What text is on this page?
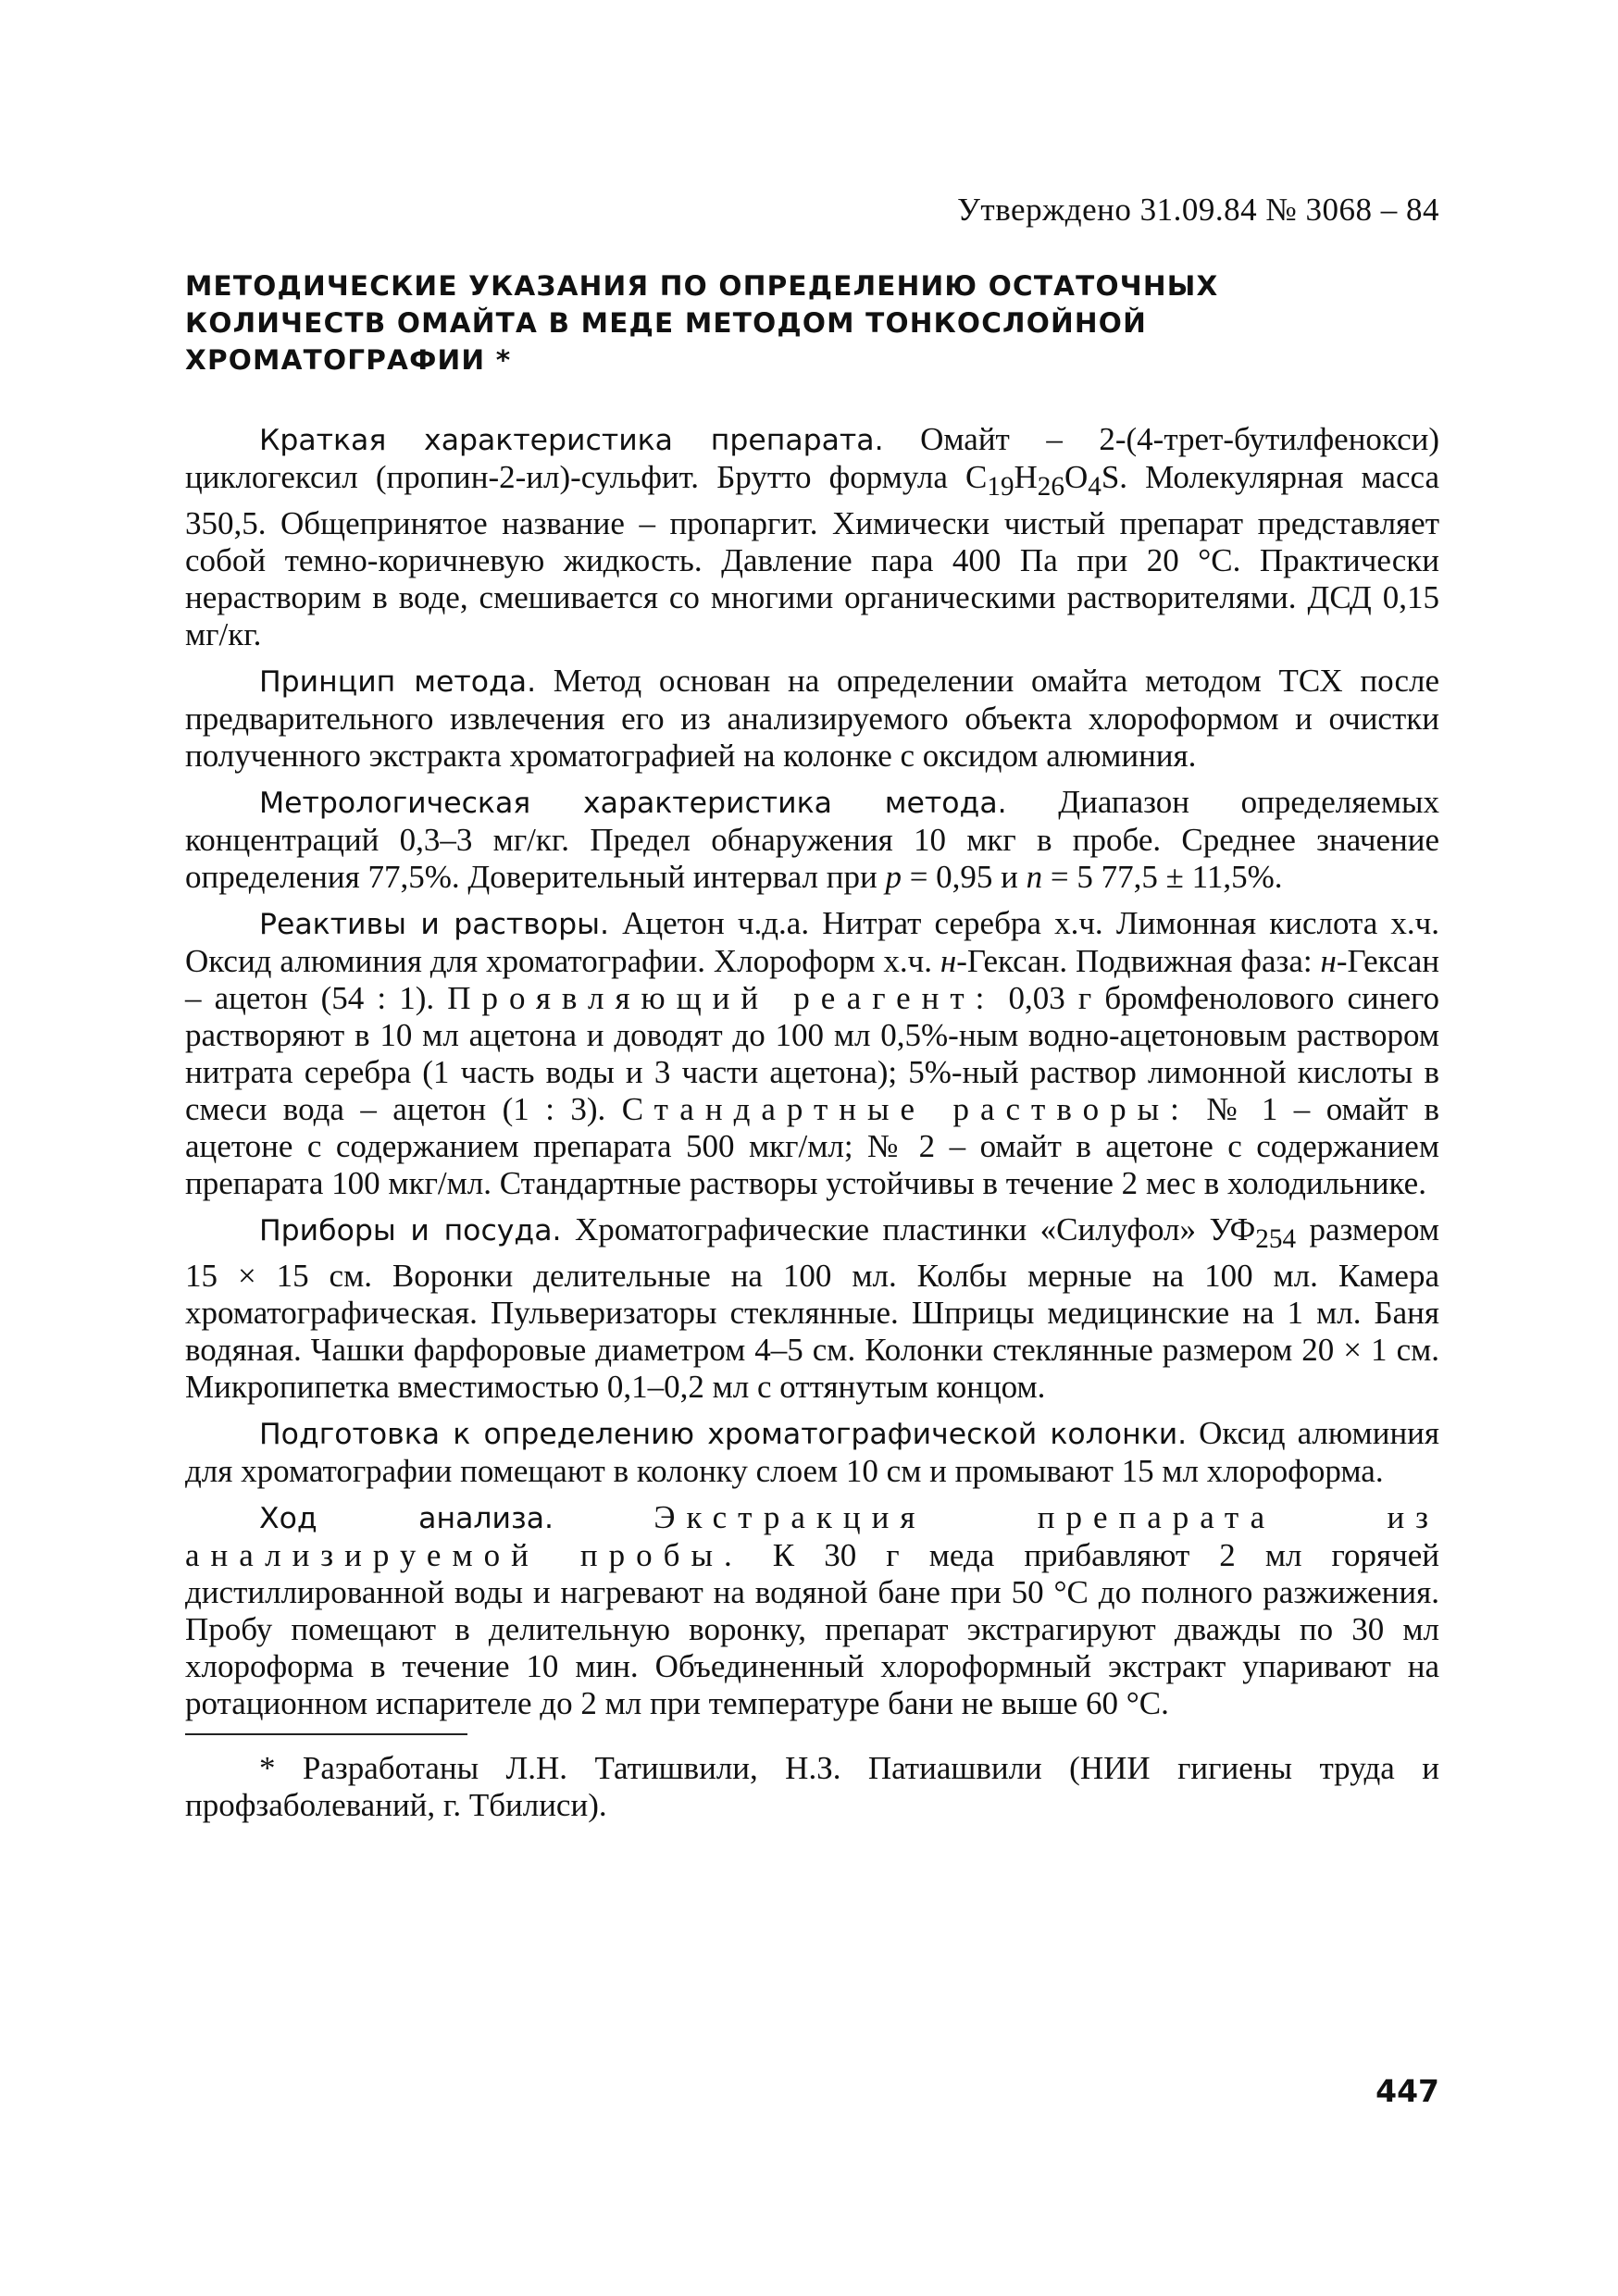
Утверждено 31.09.84 № 3068 – 84
МЕТОДИЧЕСКИЕ УКАЗАНИЯ ПО ОПРЕДЕЛЕНИЮ ОСТАТОЧНЫХ
КОЛИЧЕСТВ ОМАЙТА В МЕДЕ МЕТОДОМ ТОНКОСЛОЙНОЙ
ХРОМАТОГРАФИИ *

Краткая характеристика препарата. Омайт – 2-(4-трет-бутилфенокси) циклогексил (пропин-2-ил)-сульфит. Брутто формула $C_{19}H_{26}O_4S$. Молекулярная масса 350,5. Общепринятое название – пропаргит. Химически чистый препарат представляет собой темно-коричневую жидкость. Давление пара 400 Па при 20 °С. Практически нерастворим в воде, смешивается со многими органическими растворителями. ДСД 0,15 мг/кг.

Принцип метода. Метод основан на определении омайта методом ТСХ после предварительного извлечения его из анализируемого объекта хлороформом и очистки полученного экстракта хроматографией на колонке с оксидом алюминия.

Метрологическая характеристика метода. Диапазон определяемых концентраций 0,3–3 мг/кг. Предел обнаружения 10 мкг в пробе. Среднее значение определения 77,5%. Доверительный интервал при p = 0,95 и n = 5 77,5 ± 11,5%.

Реактивы и растворы. Ацетон ч.д.а. Нитрат серебра х.ч. Лимонная кислота х.ч. Оксид алюминия для хроматографии. Хлороформ х.ч. н-Гексан. Подвижная фаза: н-Гексан – ацетон (54 : 1). Проявляющий реагент: 0,03 г бромфенолового синего растворяют в 10 мл ацетона и доводят до 100 мл 0,5%-ным водно-ацетоновым раствором нитрата серебра (1 часть воды и 3 части ацетона); 5%-ный раствор лимонной кислоты в смеси вода – ацетон (1 : 3). Стандартные растворы: № 1 – омайт в ацетоне с содержанием препарата 500 мкг/мл; № 2 – омайт в ацетоне с содержанием препарата 100 мкг/мл. Стандартные растворы устойчивы в течение 2 мес в холодильнике.

Приборы и посуда. Хроматографические пластинки «Силуфол» $УФ_{254}$ размером 15 × 15 см. Воронки делительные на 100 мл. Колбы мерные на 100 мл. Камера хроматографическая. Пульверизаторы стеклянные. Шприцы медицинские на 1 мл. Баня водяная. Чашки фарфоровые диаметром 4–5 см. Колонки стеклянные размером 20 × 1 см. Микропипетка вместимостью 0,1–0,2 мл с оттянутым концом.

Подготовка к определению хроматографической колонки. Оксид алюминия для хроматографии помещают в колонку слоем 10 см и промывают 15 мл хлороформа.

Ход анализа.	Экстракция препарата из анализируемой пробы. К 30 г меда прибавляют 2 мл горячей дистиллированной воды и нагревают на водяной бане при 50 °С до полного разжижения. Пробу помещают в делительную воронку, препарат экстрагируют дважды по 30 мл хлороформа в течение 10 мин. Объединенный хлороформный экстракт упаривают на ротационном испарителе до 2 мл при температуре бани не выше 60 °С.

* Разработаны Л.Н. Татишвили, Н.З. Патиашвили (НИИ гигиены труда и профзаболеваний, г. Тбилиси).

447
